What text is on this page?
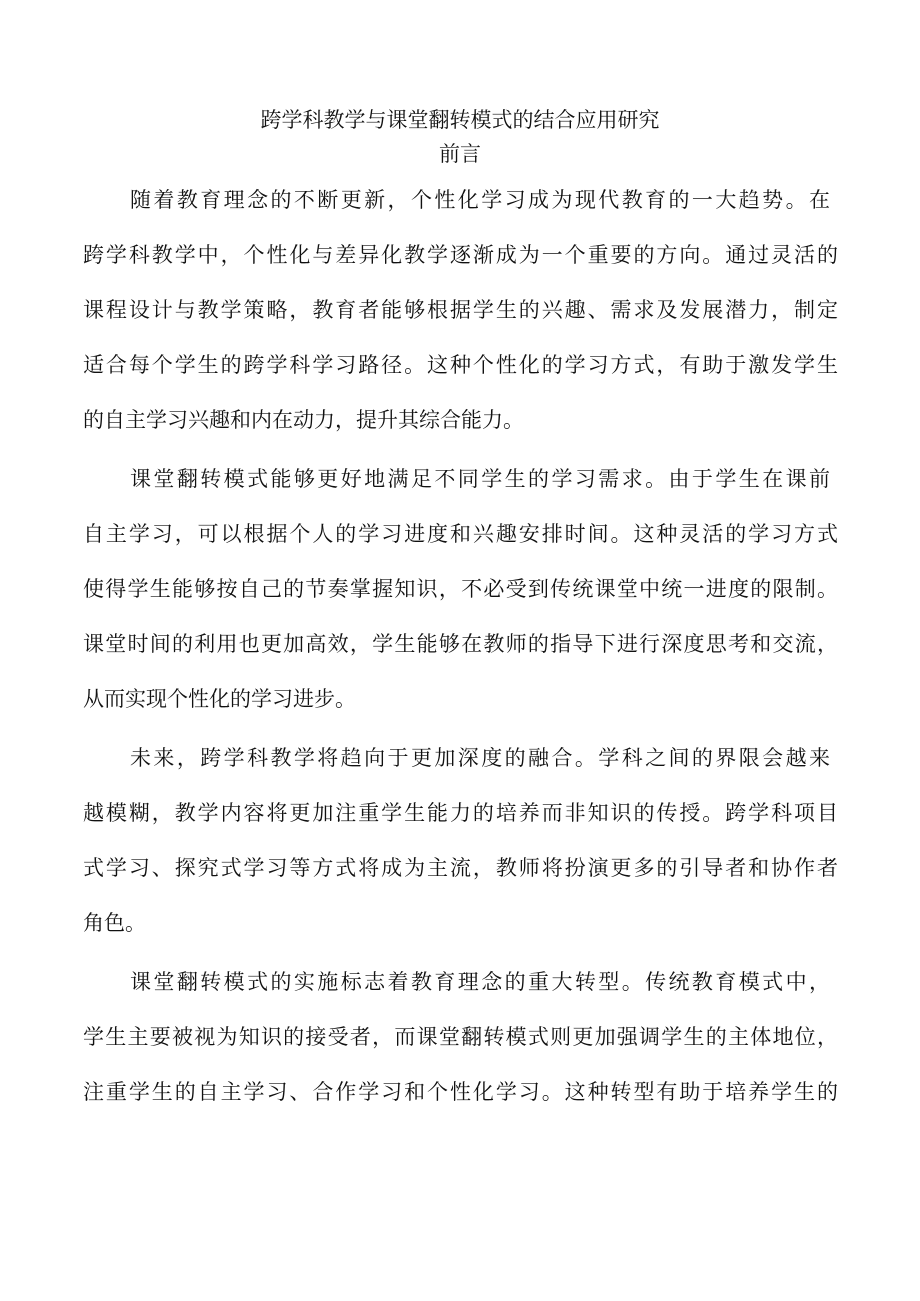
跨学科教学与课堂翻转模式的结合应用研究
前言
随着教育理念的不断更新，个性化学习成为现代教育的一大趋势。在
跨学科教学中，个性化与差异化教学逐渐成为一个重要的方向。通过灵活的
课程设计与教学策略，教育者能够根据学生的兴趣、需求及发展潜力，制定
适合每个学生的跨学科学习路径。这种个性化的学习方式，有助于激发学生
的自主学习兴趣和内在动力，提升其综合能力。
课堂翻转模式能够更好地满足不同学生的学习需求。由于学生在课前
自主学习，可以根据个人的学习进度和兴趣安排时间。这种灵活的学习方式
使得学生能够按自己的节奏掌握知识，不必受到传统课堂中统一进度的限制。
课堂时间的利用也更加高效，学生能够在教师的指导下进行深度思考和交流，
从而实现个性化的学习进步。
未来，跨学科教学将趋向于更加深度的融合。学科之间的界限会越来
越模糊，教学内容将更加注重学生能力的培养而非知识的传授。跨学科项目
式学习、探究式学习等方式将成为主流，教师将扮演更多的引导者和协作者
角色。
课堂翻转模式的实施标志着教育理念的重大转型。传统教育模式中，
学生主要被视为知识的接受者，而课堂翻转模式则更加强调学生的主体地位，
注重学生的自主学习、合作学习和个性化学习。这种转型有助于培养学生的
